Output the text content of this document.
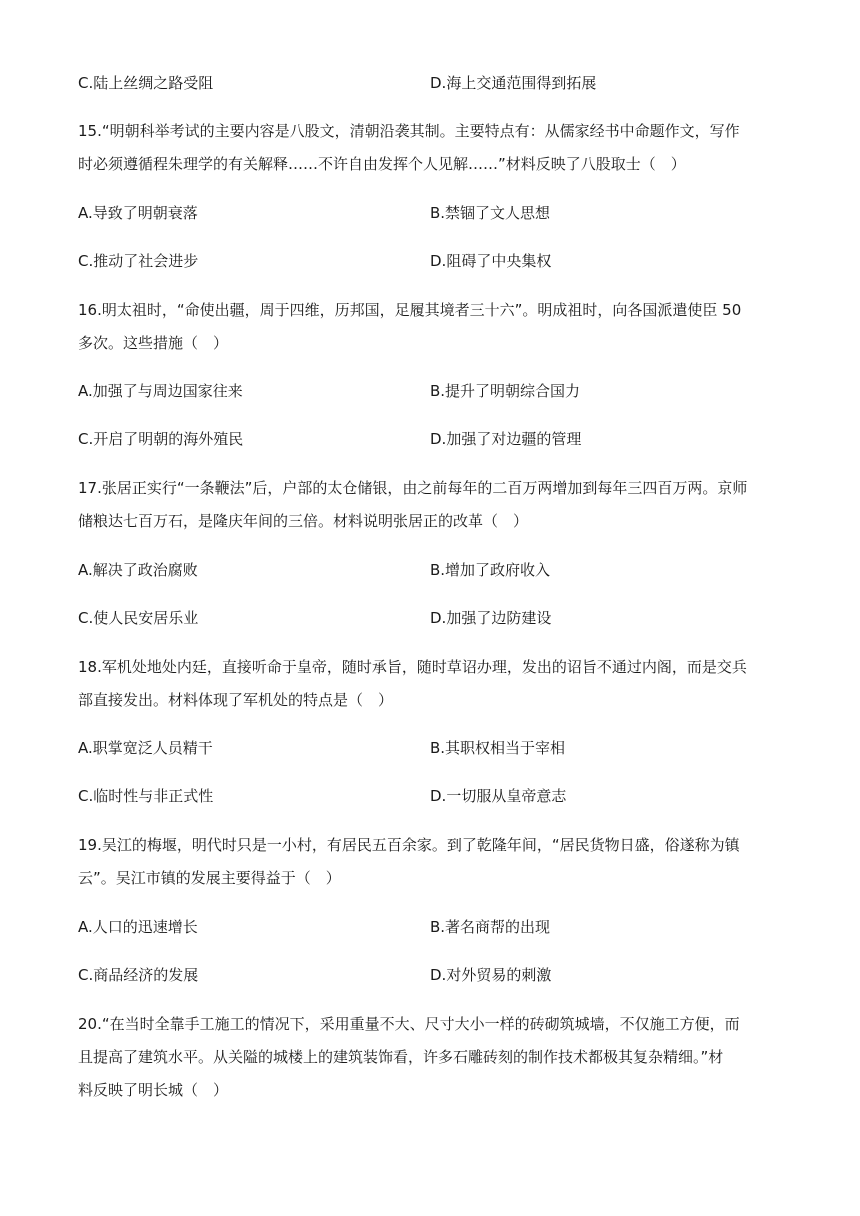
C.陆上丝绸之路受阻	D.海上交通范围得到拓展
15.“明朝科举考试的主要内容是八股文，清朝沿袭其制。主要特点有：从儒家经书中命题作文，写作
时必须遵循程朱理学的有关解释……不许自由发挥个人见解……”材料反映了八股取士（　）
A.导致了明朝衰落	B.禁锢了文人思想
C.推动了社会进步	D.阻碍了中央集权
16.明太祖时，“命使出疆，周于四维，历邦国，足履其境者三十六”。明成祖时，向各国派遣使臣 50
多次。这些措施（　）
A.加强了与周边国家往来	B.提升了明朝综合国力
C.开启了明朝的海外殖民	D.加强了对边疆的管理
17.张居正实行“一条鞭法”后，户部的太仓储银，由之前每年的二百万两增加到每年三四百万两。京师
储粮达七百万石，是隆庆年间的三倍。材料说明张居正的改革（　）
A.解决了政治腐败	B.增加了政府收入
C.使人民安居乐业	D.加强了边防建设
18.军机处地处内廷，直接听命于皇帝，随时承旨，随时草诏办理，发出的诏旨不通过内阁，而是交兵
部直接发出。材料体现了军机处的特点是（　）
A.职掌宽泛人员精干	B.其职权相当于宰相
C.临时性与非正式性	D.一切服从皇帝意志
19.吴江的梅堰，明代时只是一小村，有居民五百余家。到了乾隆年间，“居民货物日盛，俗遂称为镇
云”。吴江市镇的发展主要得益于（　）
A.人口的迅速增长	B.著名商帮的出现
C.商品经济的发展	D.对外贸易的刺激
20.“在当时全靠手工施工的情况下，采用重量不大、尺寸大小一样的砖砌筑城墙，不仅施工方便，而
且提高了建筑水平。从关隘的城楼上的建筑装饰看，许多石雕砖刻的制作技术都极其复杂精细。”材
料反映了明长城（　）
